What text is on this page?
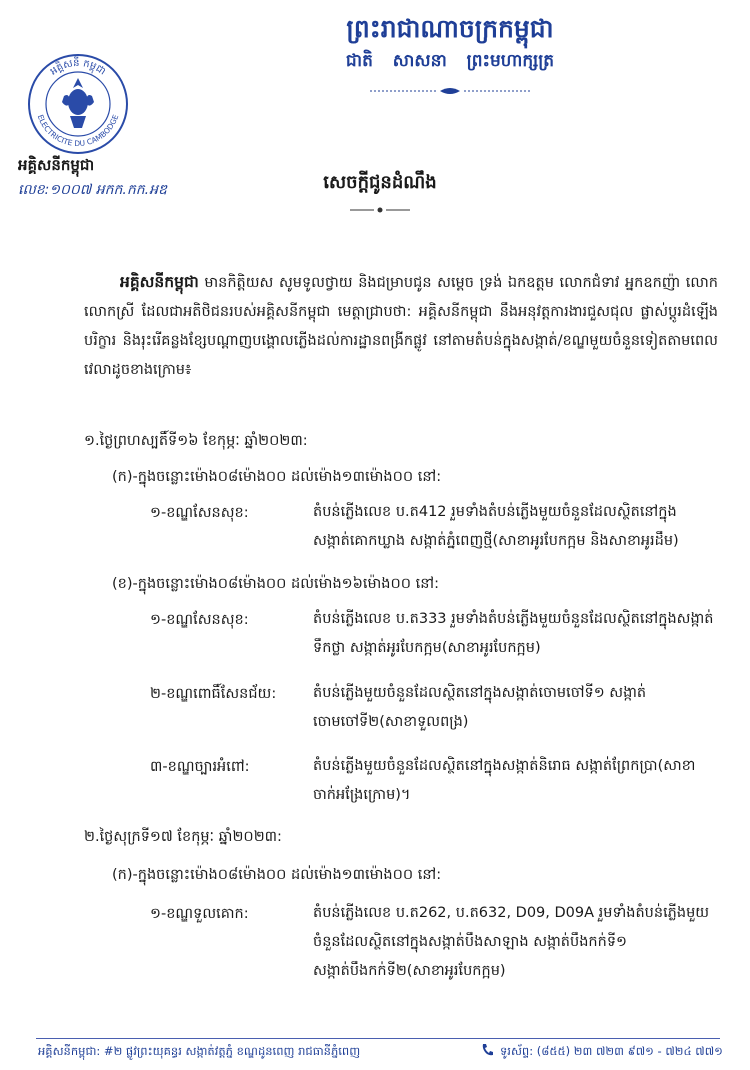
ព្រះរាជាណាចក្រកម្ពុជា
ជាតិ សាសនា ព្រះមហាក្សត្រ
អគ្គិសនី កម្ពុជា
ELECTRICITE DU CAMBODGE
អគ្គិសនីកម្ពុជា
លេខ:១០០៧ អកក.កក.អឌ	សេចក្ដីជូនដំណឹង
អគ្គិសនីកម្ពុជា មានកិត្តិយស សូមទូលថ្វាយ និងជម្រាបជូន សម្ដេច ទ្រង់ ឯកឧត្ដម លោកជំទាវ អ្នកឧកញ៉ា លោក លោកស្រី ដែលជាអតិថិជនរបស់អគ្គិសនីកម្ពុជា មេត្តាជ្រាបថា: អគ្គិសនីកម្ពុជា នឹងអនុវត្តការងារជួសជុល ផ្លាស់ប្ដូរដំឡើងបរិក្ខារ និងរុះរើគន្លងខ្សែបណ្ដាញបង្គោលភ្លើងដល់ការដ្ឋានពង្រីកផ្លូវ នៅតាមតំបន់ក្នុងសង្កាត់/ខណ្ឌមួយចំនួនទៀតតាមពេលវេលាដូចខាងក្រោម៖
១.ថ្ងៃព្រហស្បតិ៍ទី១៦ ខែកុម្ភៈ ឆ្នាំ២០២៣:
(ក)-ក្នុងចន្លោះម៉ោង០៨ម៉ោង០០ ដល់ម៉ោង១៣ម៉ោង០០ នៅ:
១-ខណ្ឌសែនសុខ:	តំបន់ភ្លើងលេខ ប.ត412 រួមទាំងតំបន់ភ្លើងមួយចំនួនដែលស្ថិតនៅក្នុងសង្កាត់គោកឃ្លាង សង្កាត់ភ្នំពេញថ្មី(សាខាអូរបែកក្អម និងសាខាអូរដឹម)
(ខ)-ក្នុងចន្លោះម៉ោង០៨ម៉ោង០០ ដល់ម៉ោង១៦ម៉ោង០០ នៅ:
១-ខណ្ឌសែនសុខ:	តំបន់ភ្លើងលេខ ប.ត333 រួមទាំងតំបន់ភ្លើងមួយចំនួនដែលស្ថិតនៅក្នុងសង្កាត់ទឹកថ្លា សង្កាត់អូរបែកក្អម(សាខាអូរបែកក្អម)
២-ខណ្ឌពោធិ៍សែនជ័យ:	តំបន់ភ្លើងមួយចំនួនដែលស្ថិតនៅក្នុងសង្កាត់ចោមចៅទី១ សង្កាត់ចោមចៅទី២(សាខាទួលពង្រ)
៣-ខណ្ឌច្បារអំពៅ:	តំបន់ភ្លើងមួយចំនួនដែលស្ថិតនៅក្នុងសង្កាត់និរោធ សង្កាត់ព្រែកប្រា(សាខាចាក់អង្រែក្រោម)។
២.ថ្ងៃសុក្រទី១៧ ខែកុម្ភៈ ឆ្នាំ២០២៣:
(ក)-ក្នុងចន្លោះម៉ោង០៨ម៉ោង០០ ដល់ម៉ោង១៣ម៉ោង០០ នៅ:
១-ខណ្ឌទួលគោក:	តំបន់ភ្លើងលេខ ប.ត262, ប.ត632, D09, D09A រួមទាំងតំបន់ភ្លើងមួយចំនួនដែលស្ថិតនៅក្នុងសង្កាត់បឹងសាឡាង សង្កាត់បឹងកក់ទី១ សង្កាត់បឹងកក់ទី២(សាខាអូរបែកក្អម)
អគ្គិសនីកម្ពុជា: #២ ផ្លូវព្រះយុគន្ធរ សង្កាត់វត្តភ្នំ ខណ្ឌដូនពេញ រាជធានីភ្នំពេញ	ទូរស័ព្ទ: (៨៥៥) ២៣ ៧២៣ ៩៧១ - ៧២៤ ៧៧១
